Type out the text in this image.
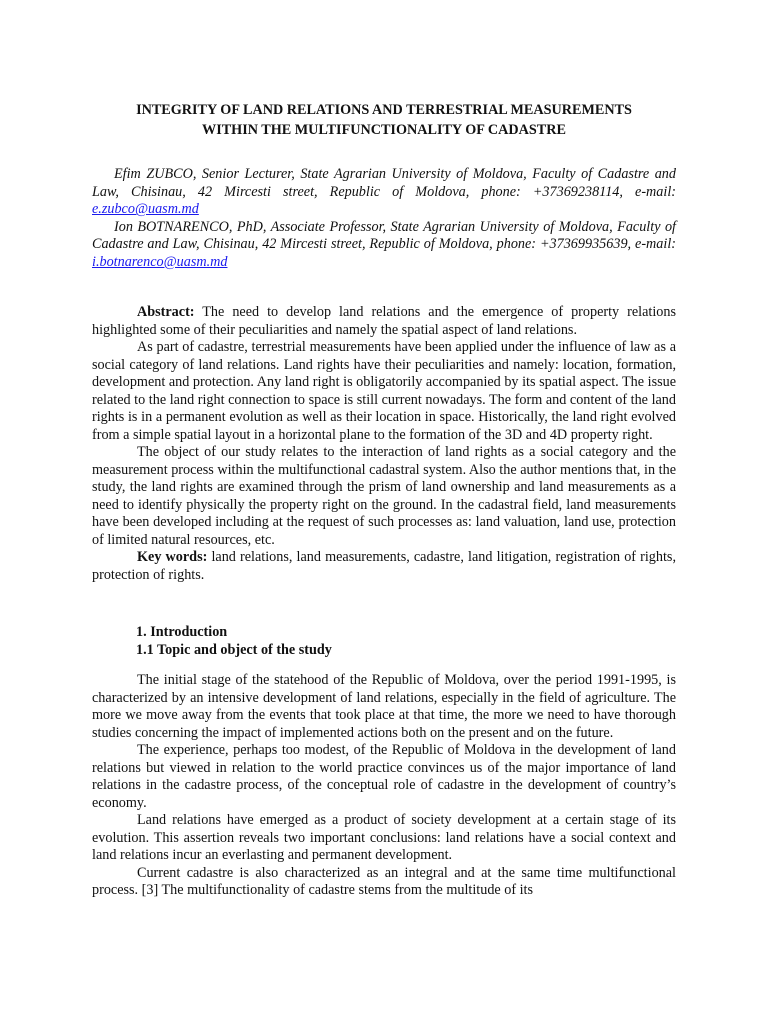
INTEGRITY OF LAND RELATIONS AND TERRESTRIAL MEASUREMENTS
WITHIN THE MULTIFUNCTIONALITY OF CADASTRE

Efim ZUBCO, Senior Lecturer, State Agrarian University of Moldova, Faculty of Cadastre and Law, Chisinau, 42 Mircesti street, Republic of Moldova, phone: +37369238114, e-mail: e.zubco@uasm.md

Ion BOTNARENCO, PhD, Associate Professor, State Agrarian University of Moldova, Faculty of Cadastre and Law, Chisinau, 42 Mircesti street, Republic of Moldova, phone: +37369935639, e-mail: i.botnarenco@uasm.md

Abstract: The need to develop land relations and the emergence of property relations highlighted some of their peculiarities and namely the spatial aspect of land relations.

As part of cadastre, terrestrial measurements have been applied under the influence of law as a social category of land relations. Land rights have their peculiarities and namely: location, formation, development and protection. Any land right is obligatorily accompanied by its spatial aspect. The issue related to the land right connection to space is still current nowadays. The form and content of the land rights is in a permanent evolution as well as their location in space. Historically, the land right evolved from a simple spatial layout in a horizontal plane to the formation of the 3D and 4D property right.

The object of our study relates to the interaction of land rights as a social category and the measurement process within the multifunctional cadastral system. Also the author mentions that, in the study, the land rights are examined through the prism of land ownership and land measurements as a need to identify physically the property right on the ground. In the cadastral field, land measurements have been developed including at the request of such processes as: land valuation, land use, protection of limited natural resources, etc.

Key words: land relations, land measurements, cadastre, land litigation, registration of rights, protection of rights.

1. Introduction
1.1 Topic and object of the study

The initial stage of the statehood of the Republic of Moldova, over the period 1991-1995, is characterized by an intensive development of land relations, especially in the field of agriculture. The more we move away from the events that took place at that time, the more we need to have thorough studies concerning the impact of implemented actions both on the present and on the future.

The experience, perhaps too modest, of the Republic of Moldova in the development of land relations but viewed in relation to the world practice convinces us of the major importance of land relations in the cadastre process, of the conceptual role of cadastre in the development of country’s economy.

Land relations have emerged as a product of society development at a certain stage of its evolution. This assertion reveals two important conclusions: land relations have a social context and land relations incur an everlasting and permanent development.

Current cadastre is also characterized as an integral and at the same time multifunctional process. [3] The multifunctionality of cadastre stems from the multitude of its
